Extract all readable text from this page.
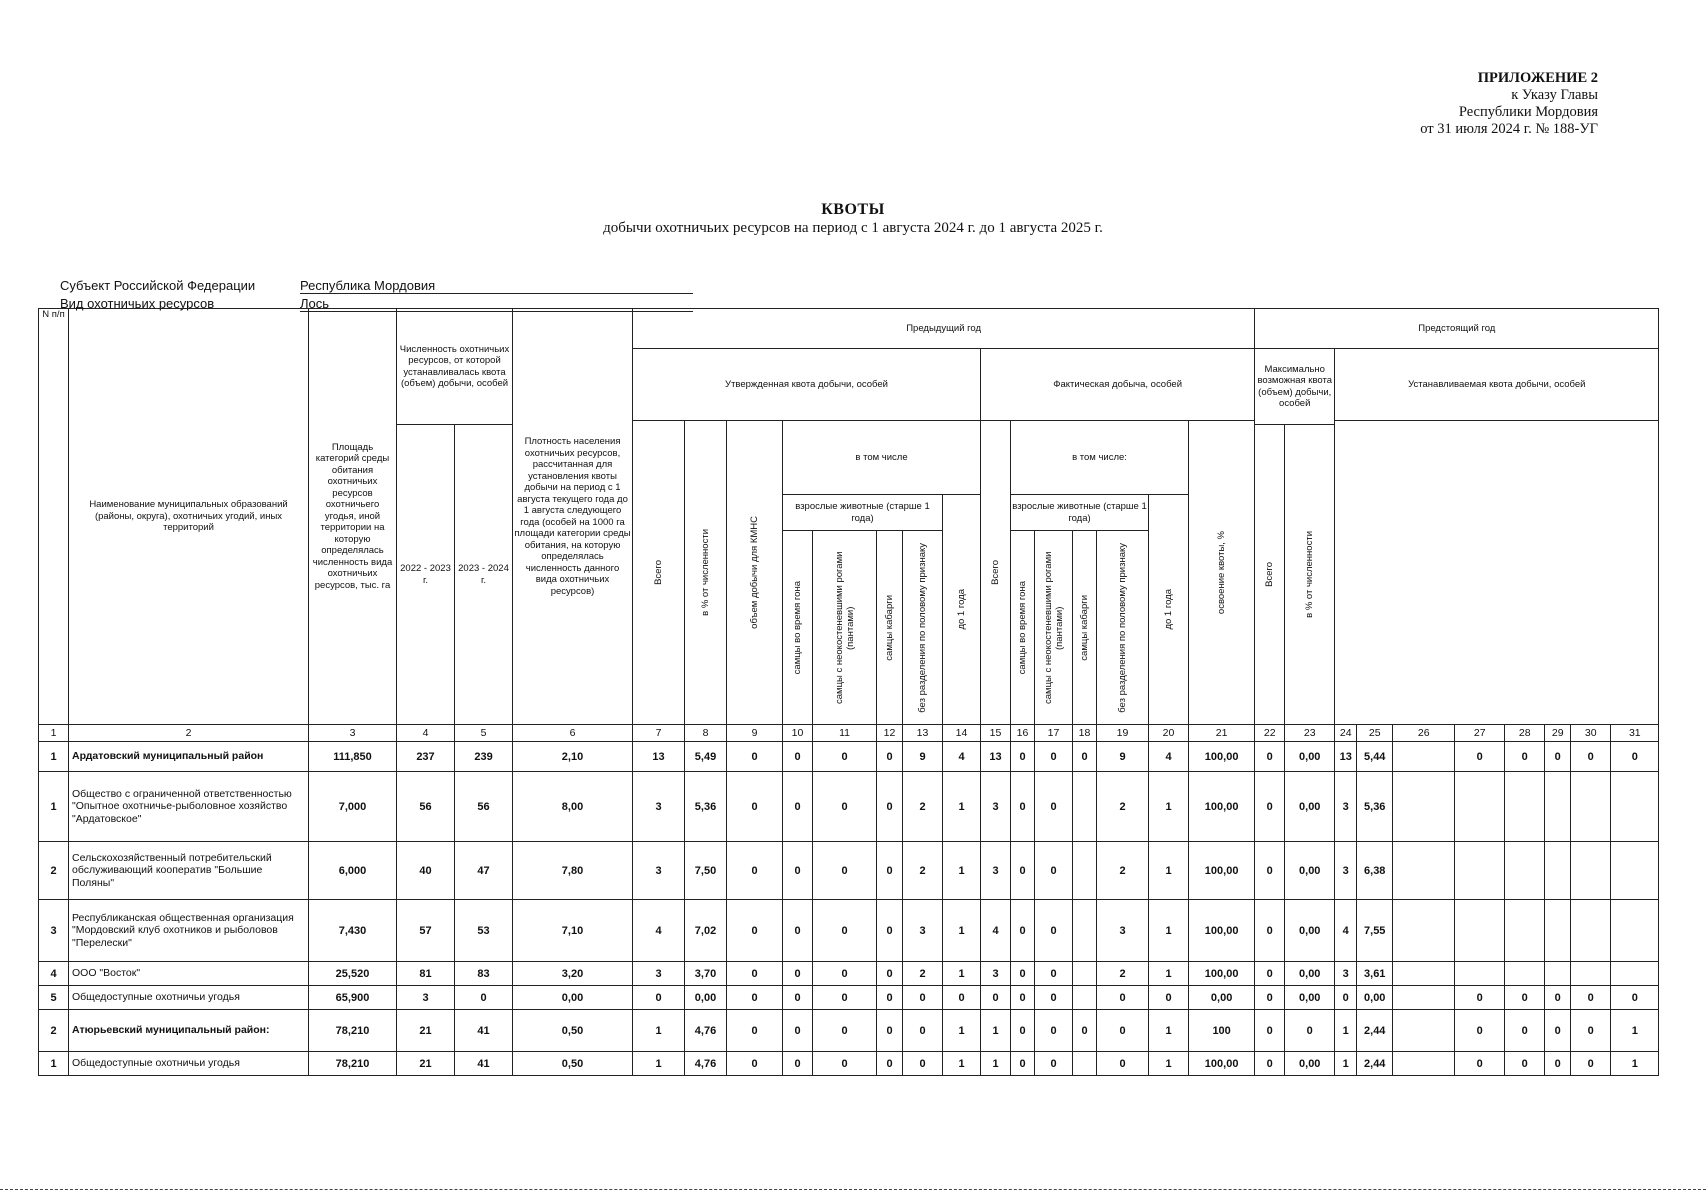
ПРИЛОЖЕНИЕ 2
к Указу Главы
Республики Мордовия
от 31 июля 2024 г. № 188-УГ
КВОТЫ
добычи охотничьих ресурсов на период с 1 августа 2024 г. до 1 августа 2025 г.
Субъект Российской Федерации	Республика Мордовия
Вид охотничьих ресурсов	Лось
N п/п	Наименование муниципальных образований (районы, округа), охотничьих угодий, иных территорий	Площадь категорий среды обитания охотничьих ресурсов охотничьего угодья, иной территории на которую определялась численность вида охотничьих ресурсов, тыс. га	Численность охотничьих ресурсов, от которой устанавливалась квота (объем) добычи, особей		Плотность населения охотничьих ресурсов, рассчитанная для установления квоты добычи на период с 1 августа текущего года до 1 августа следующего года (особей на 1000 га площади категории среды обитания, на которую определялась численность данного вида охотничьих ресурсов)	Предыдущий год															Предстоящий год									
						Утвержденная квота добычи, особей								Фактическая добыча, особей							Максимально возможная квота (объем) добычи, особей		Устанавливаемая квота добычи, особей							

						Всего	в % от численности	объем добычи для КМНС	в том числе					Всего	в том числе:					освоение квоты, %										

			2022 - 2023 г.	2023 - 2024 г.																	Всего	в % от численности								

									взрослые животные (старше 1 года)				до 1 года		взрослые животные (старше 1 года)				до 1 года											

									самцы во время гона	самцы с неокостеневшими рогами (пантами)	самцы кабарги	без разделения по половому признаку			самцы во время гона	самцы с неокостеневшими рогами (пантами)	самцы кабарги	без разделения по половому признаку												

1	2	3	4	5	6	7	8	9	10	11	12	13	14	15	16	17	18	19	20	21	22	23	24	25	26	27	28	29	30	31
1	Ардатовский муниципальный район	111,850	237	239	2,10	13	5,49	0	0	0	0	9	4	13	0	0	0	9	4	100,00	0	0,00	13	5,44		0	0	0	0	0
1	Общество с ограниченной ответственностью "Опытное охотничье-рыболовное хозяйство "Ардатовское"	7,000	56	56	8,00	3	5,36	0	0	0	0	2	1	3	0	0		2	1	100,00	0	0,00	3	5,36						
2	Сельскохозяйственный потребительский обслуживающий кооператив "Большие Поляны"	6,000	40	47	7,80	3	7,50	0	0	0	0	2	1	3	0	0		2	1	100,00	0	0,00	3	6,38						
3	Республиканская общественная организация "Мордовский клуб охотников и рыболовов "Перелески"	7,430	57	53	7,10	4	7,02	0	0	0	0	3	1	4	0	0		3	1	100,00	0	0,00	4	7,55						
4	ООО "Восток"	25,520	81	83	3,20	3	3,70	0	0	0	0	2	1	3	0	0		2	1	100,00	0	0,00	3	3,61						
5	Общедоступные охотничьи угодья	65,900	3	0	0,00	0	0,00	0	0	0	0	0	0	0	0	0		0	0	0,00	0	0,00	0	0,00		0	0	0	0	0
2	Атюрьевский муниципальный район:	78,210	21	41	0,50	1	4,76	0	0	0	0	0	1	1	0	0	0	0	1	100	0	0	1	2,44		0	0	0	0	1
1	Общедоступные охотничьи угодья	78,210	21	41	0,50	1	4,76	0	0	0	0	0	1	1	0	0		0	1	100,00	0	0,00	1	2,44		0	0	0	0	1
